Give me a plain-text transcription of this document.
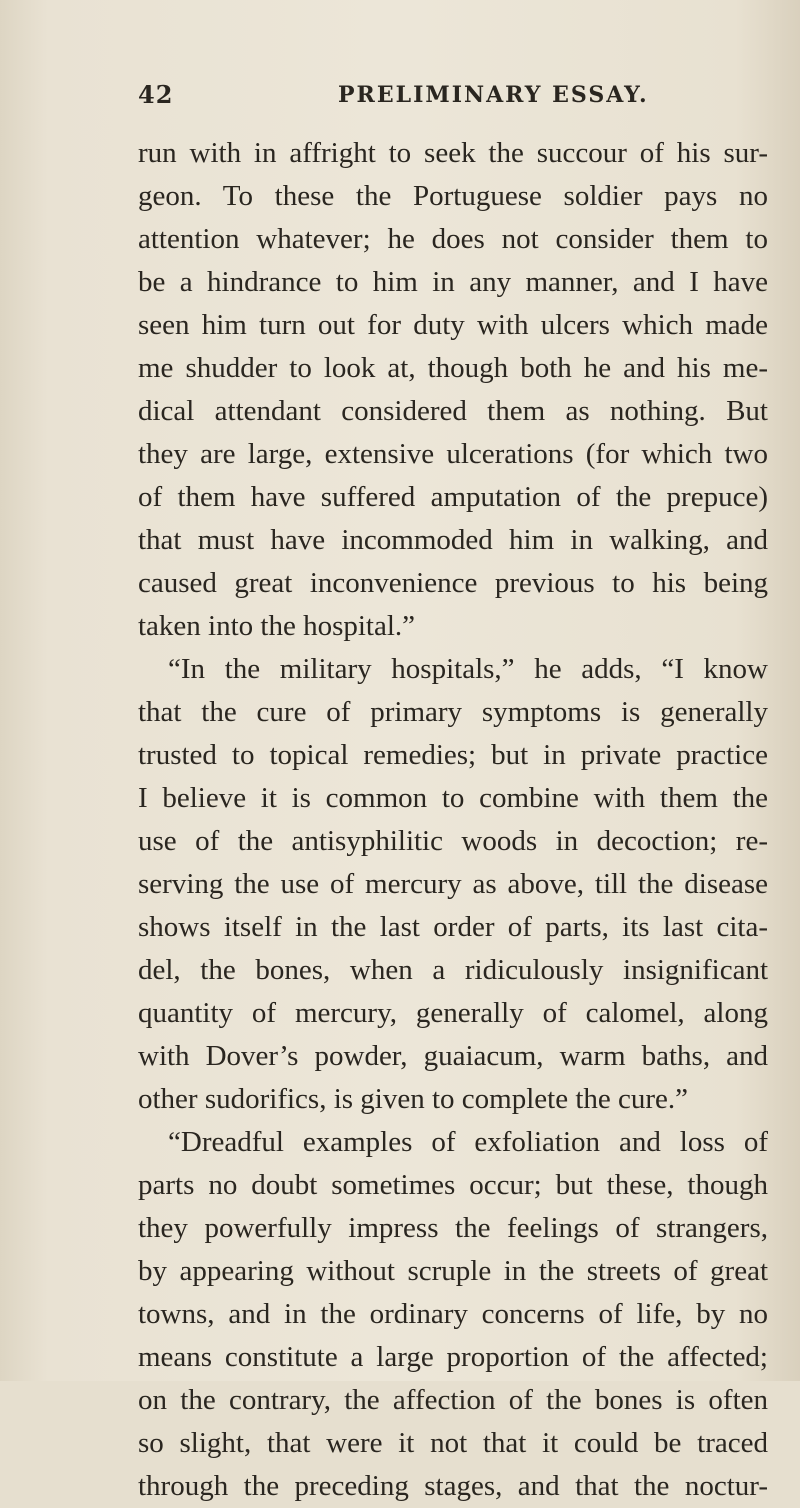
42	PRELIMINARY ESSAY.
run with in affright to seek the succour of his sur-
geon. To these the Portuguese soldier pays no
attention whatever; he does not consider them to
be a hindrance to him in any manner, and I have
seen him turn out for duty with ulcers which made
me shudder to look at, though both he and his me-
dical attendant considered them as nothing. But
they are large, extensive ulcerations (for which two
of them have suffered amputation of the prepuce)
that must have incommoded him in walking, and
caused great inconvenience previous to his being
taken into the hospital.”
“In the military hospitals,” he adds, “I know
that the cure of primary symptoms is generally
trusted to topical remedies; but in private practice
I believe it is common to combine with them the
use of the antisyphilitic woods in decoction; re-
serving the use of mercury as above, till the disease
shows itself in the last order of parts, its last cita-
del, the bones, when a ridiculously insignificant
quantity of mercury, generally of calomel, along
with Dover’s powder, guaiacum, warm baths, and
other sudorifics, is given to complete the cure.”
“Dreadful examples of exfoliation and loss of
parts no doubt sometimes occur; but these, though
they powerfully impress the feelings of strangers,
by appearing without scruple in the streets of great
towns, and in the ordinary concerns of life, by no
means constitute a large proportion of the affected;
on the contrary, the affection of the bones is often
so slight, that were it not that it could be traced
through the preceding stages, and that the noctur-
